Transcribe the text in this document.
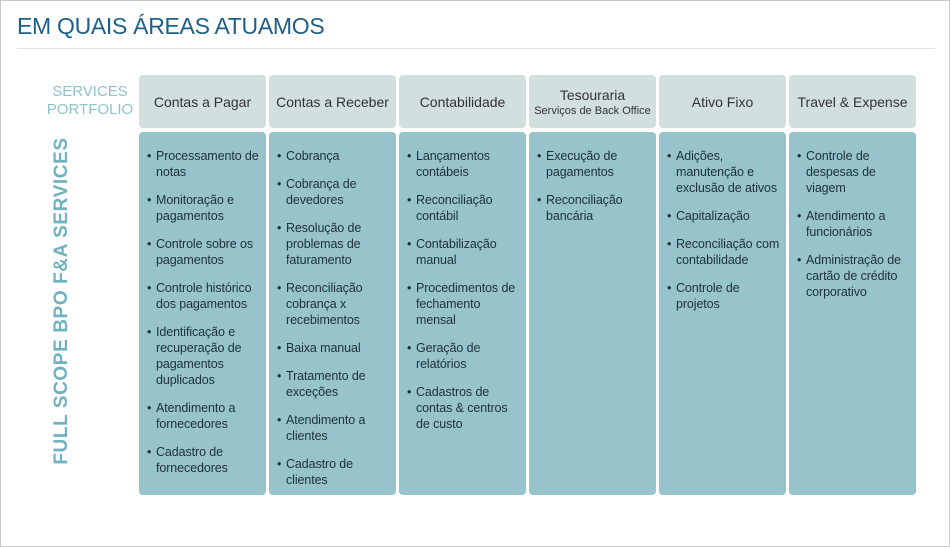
EM QUAIS ÁREAS ATUAMOS
SERVICES PORTFOLIO
FULL SCOPE BPO F&A SERVICES
Contas a Pagar Contas a Receber Contabilidade	Tesouraria
Serviços de Back Office
Ativo Fixo	Travel & Expense
• Processamento de notas
• Monitoração e pagamentos
• Controle sobre os pagamentos
• Controle histórico dos pagamentos
• Identificação e recuperação de pagamentos duplicados
• Atendimento a fornecedores
• Cadastro de fornecedores
• Cobrança
• Cobrança de devedores
• Resolução de problemas de faturamento
• Reconciliação cobrança x recebimentos
• Baixa manual
• Tratamento de exceções
• Atendimento a clientes
• Cadastro de clientes
• Lançamentos contábeis
• Reconciliação contábil
• Contabilização manual
• Procedimentos de fechamento mensal
• Geração de relatórios
• Cadastros de contas & centros de custo
• Execução de pagamentos
• Reconciliação bancária
• Adições, manutenção e exclusão de ativos
• Capitalização
• Reconciliação com contabilidade
• Controle de projetos
• Controle de despesas de viagem
• Atendimento a funcionários
• Administração de cartão de crédito corporativo
